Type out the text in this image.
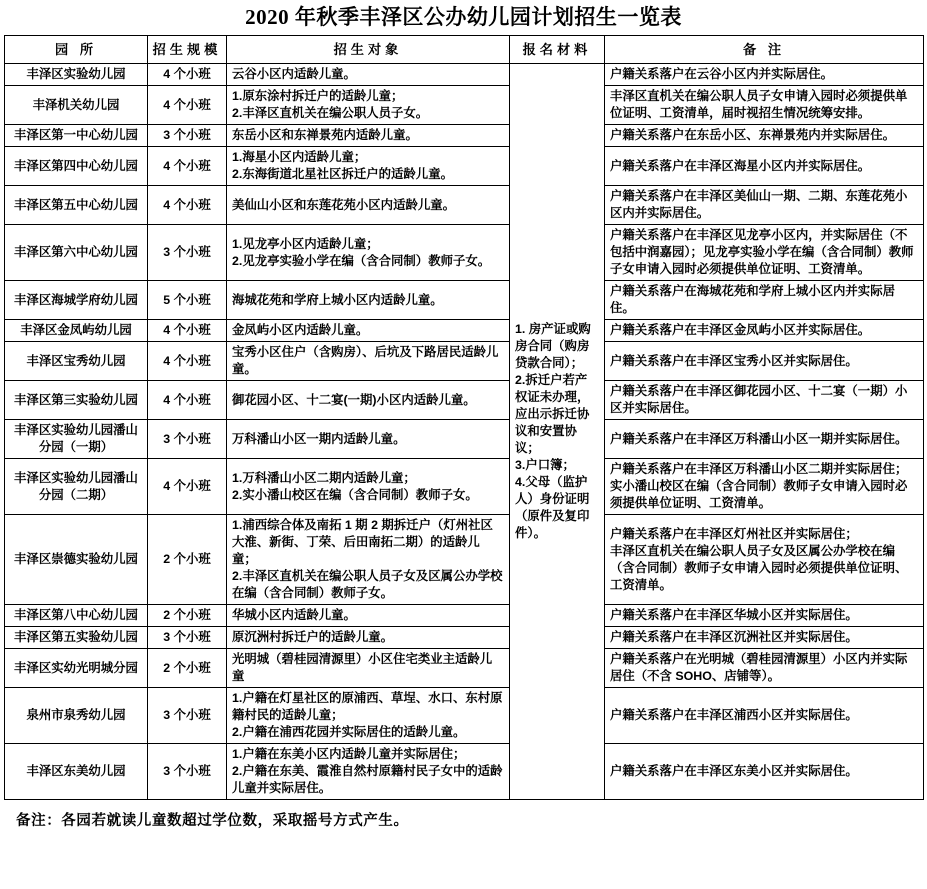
2020 年秋季丰泽区公办幼儿园计划招生一览表
园 所	招生规模	招生对象	报名材料	备 注
丰泽区实验幼儿园	4 个小班	云谷小区内适龄儿童。	1. 房产证或购房合同（购房贷款合同）；
2.拆迁户若产权证未办理，应出示拆迁协议和安置协议；
3.户口簿；
4.父母（监护人）身份证明（原件及复印件）。	户籍关系落户在云谷小区内并实际居住。

丰泽机关幼儿园	4 个小班	1.原东涂村拆迁户的适龄儿童；
2.丰泽区直机关在编公职人员子女。		丰泽区直机关在编公职人员子女申请入园时必须提供单位证明、工资清单，届时视招生情况统筹安排。

丰泽区第一中心幼儿园	3 个小班	东岳小区和东禅景苑内适龄儿童。		户籍关系落户在东岳小区、东禅景苑内并实际居住。

丰泽区第四中心幼儿园	4 个小班	1.海星小区内适龄儿童；
2.东海街道北星社区拆迁户的适龄儿童。		户籍关系落户在丰泽区海星小区内并实际居住。

丰泽区第五中心幼儿园	4 个小班	美仙山小区和东莲花苑小区内适龄儿童。		户籍关系落户在丰泽区美仙山一期、二期、东莲花苑小区内并实际居住。

丰泽区第六中心幼儿园	3 个小班	1.见龙亭小区内适龄儿童；
2.见龙亭实验小学在编（含合同制）教师子女。		户籍关系落户在丰泽区见龙亭小区内，并实际居住（不包括中润嘉园）；见龙亭实验小学在编（含合同制）教师子女申请入园时必须提供单位证明、工资清单。

丰泽区海城学府幼儿园	5 个小班	海城花苑和学府上城小区内适龄儿童。		户籍关系落户在海城花苑和学府上城小区内并实际居住。

丰泽区金凤屿幼儿园	4 个小班	金凤屿小区内适龄儿童。		户籍关系落户在丰泽区金凤屿小区并实际居住。

丰泽区宝秀幼儿园	4 个小班	宝秀小区住户（含购房）、后坑及下路居民适龄儿童。		户籍关系落户在丰泽区宝秀小区并实际居住。

丰泽区第三实验幼儿园	4 个小班	御花园小区、十二宴(一期)小区内适龄儿童。		户籍关系落户在丰泽区御花园小区、十二宴（一期）小区并实际居住。

丰泽区实验幼儿园潘山分园（一期）	3 个小班	万科潘山小区一期内适龄儿童。		户籍关系落户在丰泽区万科潘山小区一期并实际居住。

丰泽区实验幼儿园潘山分园（二期）	4 个小班	1.万科潘山小区二期内适龄儿童；
2.实小潘山校区在编（含合同制）教师子女。		户籍关系落户在丰泽区万科潘山小区二期并实际居住；实小潘山校区在编（含合同制）教师子女申请入园时必须提供单位证明、工资清单。

丰泽区崇德实验幼儿园	2 个小班	1.浦西综合体及南拓 1 期 2 期拆迁户（灯州社区大淮、新街、丁荣、后田南拓二期）的适龄儿童；
2.丰泽区直机关在编公职人员子女及区属公办学校在编（含合同制）教师子女。		户籍关系落户在丰泽区灯州社区并实际居住；
丰泽区直机关在编公职人员子女及区属公办学校在编（含合同制）教师子女申请入园时必须提供单位证明、工资清单。

丰泽区第八中心幼儿园	2 个小班	华城小区内适龄儿童。		户籍关系落户在丰泽区华城小区并实际居住。

丰泽区第五实验幼儿园	3 个小班	原沉洲村拆迁户的适龄儿童。		户籍关系落户在丰泽区沉洲社区并实际居住。

丰泽区实幼光明城分园	2 个小班	光明城（碧桂园清源里）小区住宅类业主适龄儿童		户籍关系落户在光明城（碧桂园清源里）小区内并实际居住（不含 SOHO、店铺等）。

泉州市泉秀幼儿园	3 个小班	1.户籍在灯星社区的原浦西、草埕、水口、东村原籍村民的适龄儿童；
2.户籍在浦西花园并实际居住的适龄儿童。		户籍关系落户在丰泽区浦西小区并实际居住。

丰泽区东美幼儿园	3 个小班	1.户籍在东美小区内适龄儿童并实际居住；
2.户籍在东美、霞淮自然村原籍村民子女中的适龄儿童并实际居住。		户籍关系落户在丰泽区东美小区并实际居住。
备注：各园若就读儿童数超过学位数，采取摇号方式产生。
